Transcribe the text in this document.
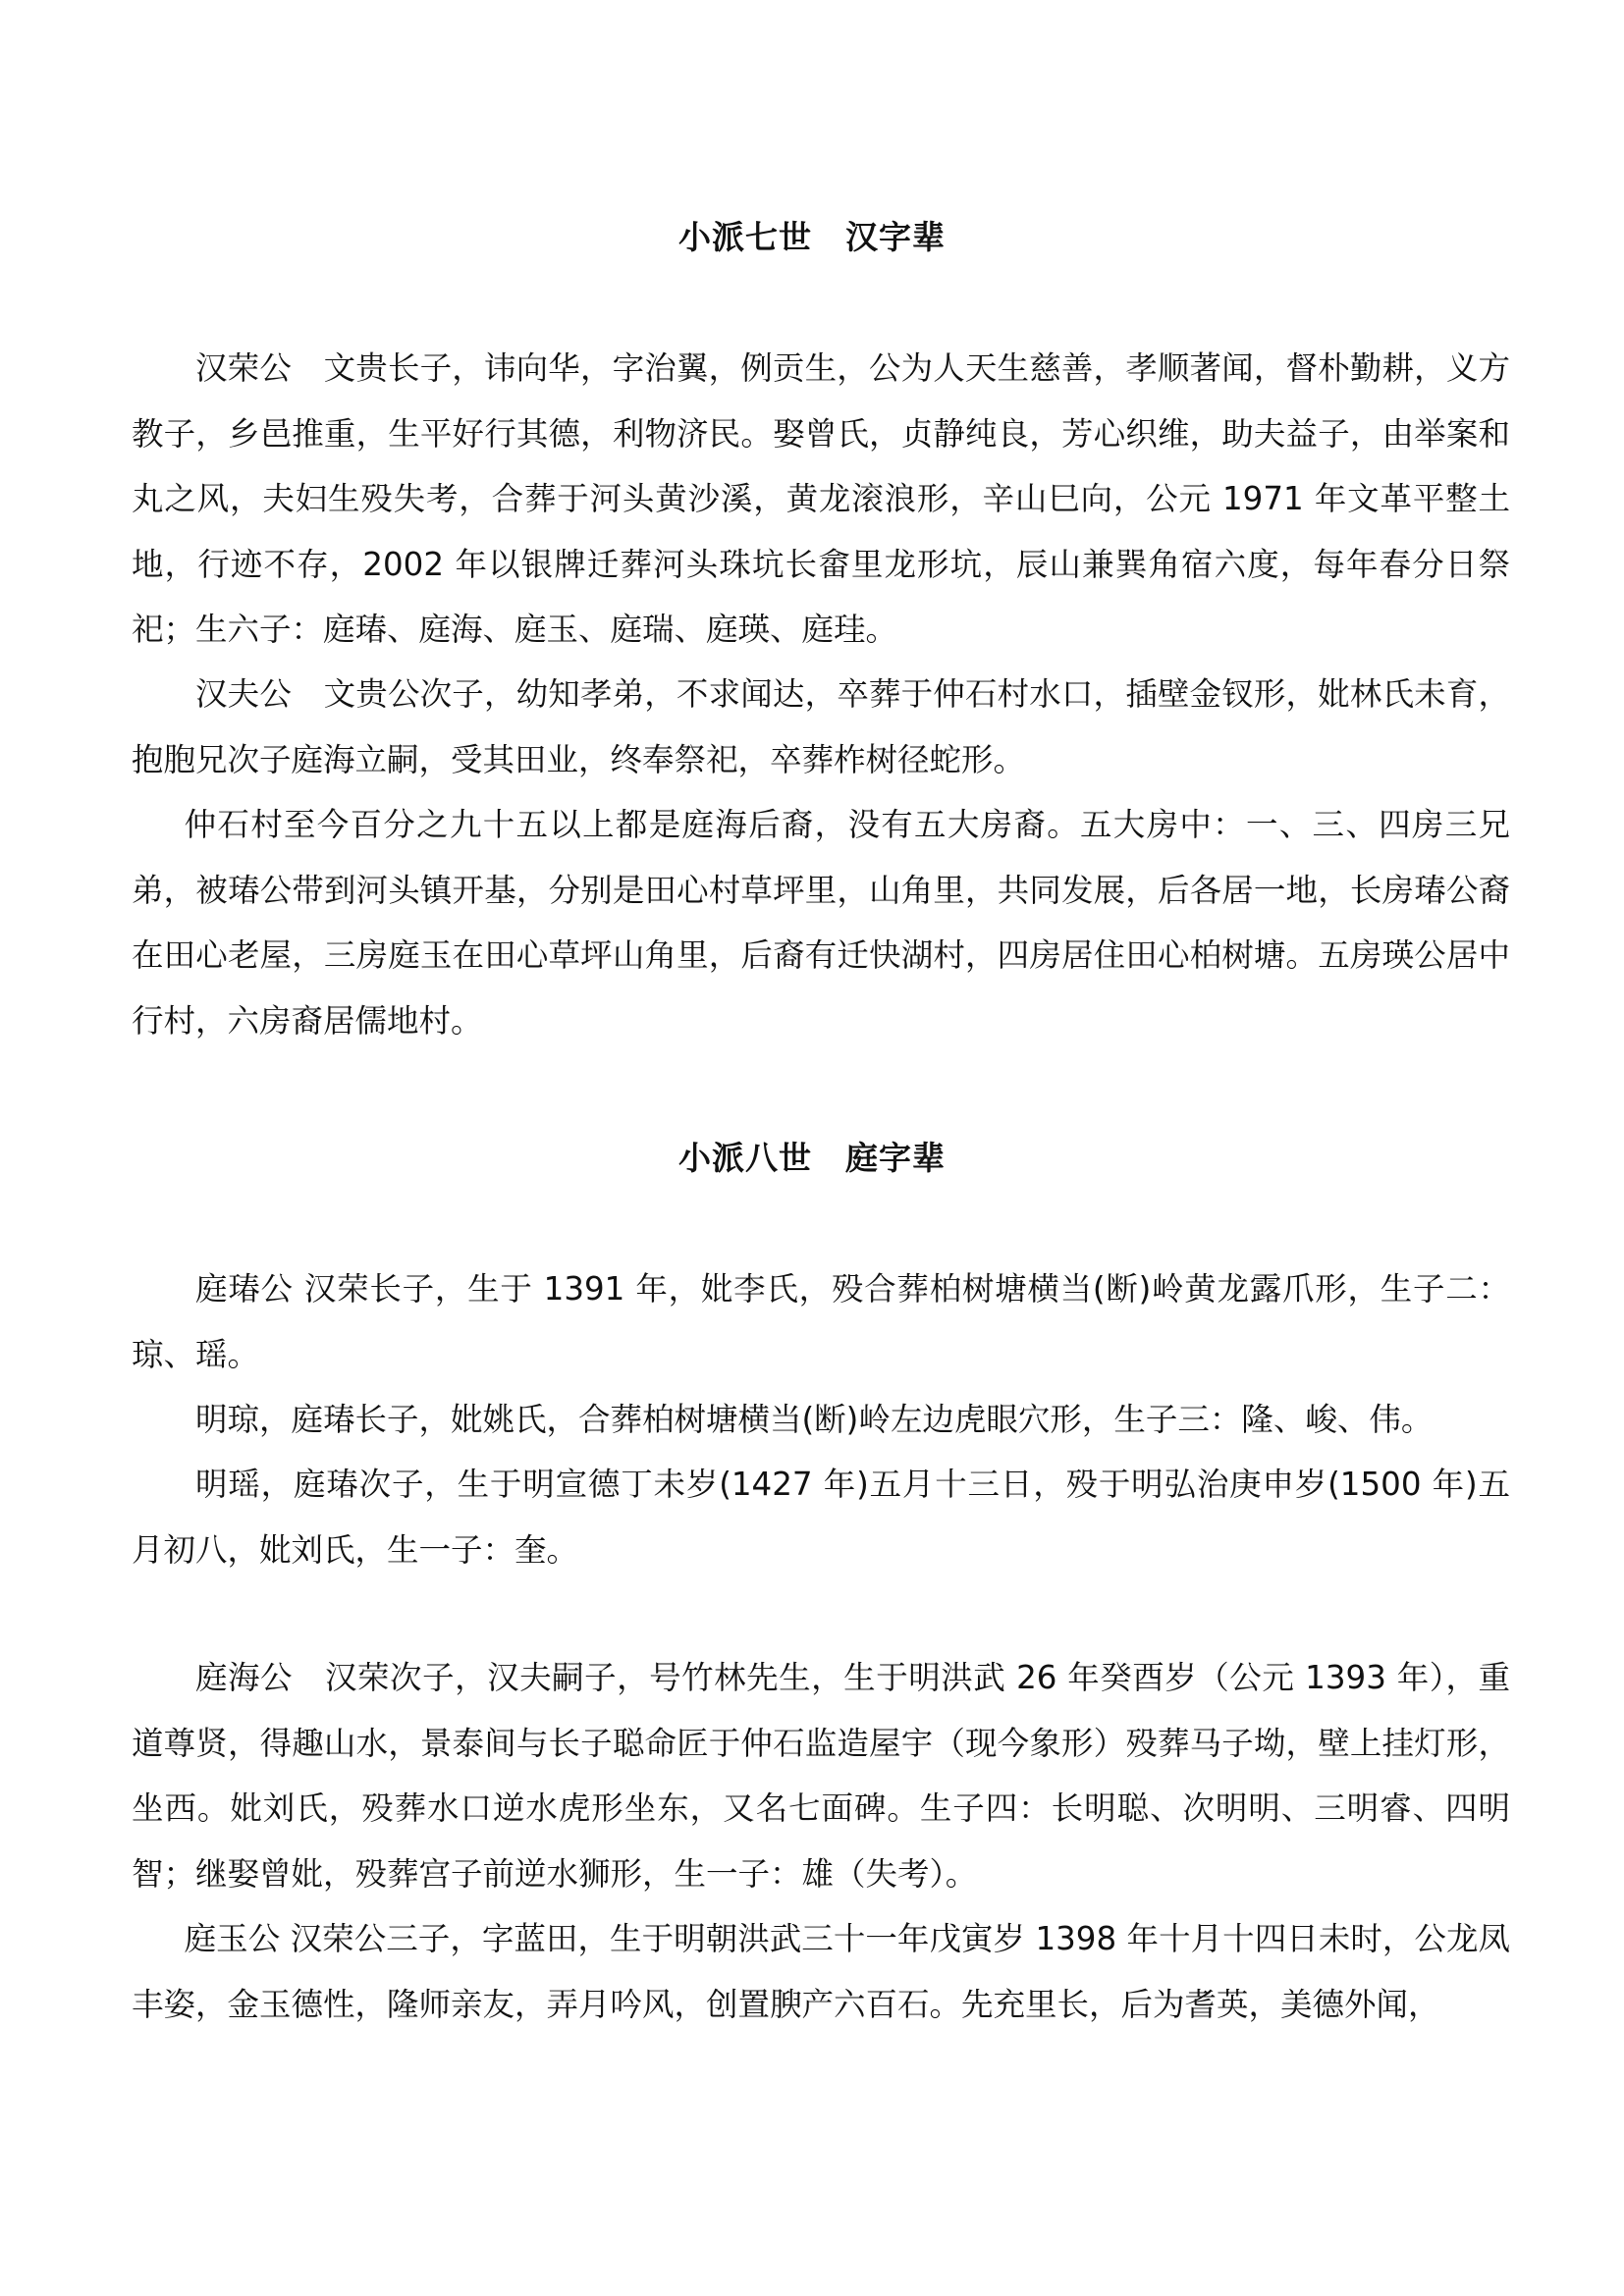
小派七世　汉字辈
汉荣公　文贵长子，讳向华，字治翼，例贡生，公为人天生慈善，孝顺著闻，督朴勤耕，义方教子，乡邑推重，生平好行其德，利物济民。娶曾氏，贞静纯良，芳心织维，助夫益子，由举案和丸之风，夫妇生殁失考，合葬于河头黄沙溪，黄龙滚浪形，辛山巳向，公元 1971 年文革平整土地，行迹不存，2002 年以银牌迁葬河头珠坑长畲里龙形坑，辰山兼巽角宿六度，每年春分日祭祀；生六子：庭瑃、庭海、庭玉、庭瑞、庭瑛、庭珪。
汉夫公　文贵公次子，幼知孝弟，不求闻达，卒葬于仲石村水口，插壁金钗形，妣林氏未育，抱胞兄次子庭海立嗣，受其田业，终奉祭祀，卒葬柞树径蛇形。
仲石村至今百分之九十五以上都是庭海后裔，没有五大房裔。五大房中：一、三、四房三兄弟，被瑃公带到河头镇开基，分别是田心村草坪里，山角里，共同发展，后各居一地，长房瑃公裔在田心老屋，三房庭玉在田心草坪山角里，后裔有迁快湖村，四房居住田心柏树塘。五房瑛公居中行村，六房裔居儒地村。
小派八世　庭字辈
庭瑃公 汉荣长子，生于 1391 年，妣李氏，殁合葬柏树塘横当(断)岭黄龙露爪形，生子二：琼、瑶。
明琼，庭瑃长子，妣姚氏，合葬柏树塘横当(断)岭左边虎眼穴形，生子三：隆、峻、伟。
明瑶，庭瑃次子，生于明宣德丁未岁(1427 年)五月十三日，殁于明弘治庚申岁(1500 年)五月初八，妣刘氏，生一子：奎。
庭海公　汉荣次子，汉夫嗣子，号竹林先生，生于明洪武 26 年癸酉岁（公元 1393 年），重道尊贤，得趣山水，景泰间与长子聪命匠于仲石监造屋宇（现今象形）殁葬马子坳，壁上挂灯形，坐西。妣刘氏，殁葬水口逆水虎形坐东，又名七面碑。生子四：长明聪、次明明、三明睿、四明智；继娶曾妣，殁葬宫子前逆水狮形，生一子：雄（失考）。
庭玉公 汉荣公三子，字蓝田，生于明朝洪武三十一年戊寅岁 1398 年十月十四日未时，公龙凤丰姿，金玉德性，隆师亲友，弄月吟风，创置腴产六百石。先充里长，后为耆英，美德外闻，
